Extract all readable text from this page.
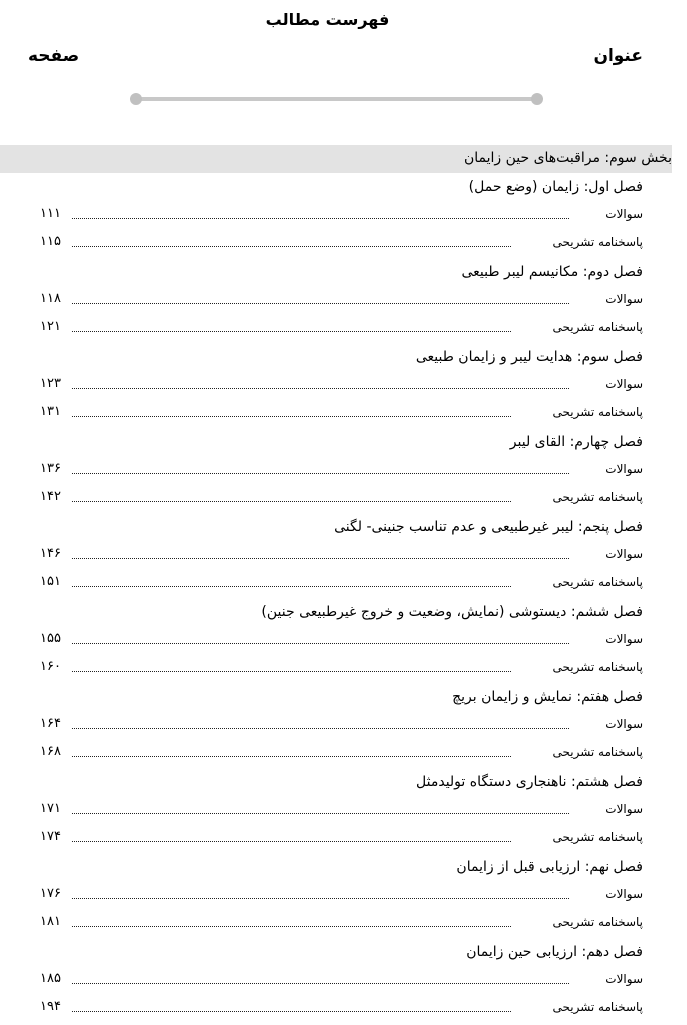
فهرست مطالب
عنوان
صفحه
بخش سوم: مراقبت‌های حین زایمان
فصل اول: زایمان (وضع حمل)
سوالات
۱۱۱
پاسخنامه تشریحی
۱۱۵
فصل دوم: مکانیسم لیبر طبیعی
سوالات
۱۱۸
پاسخنامه تشریحی
۱۲۱
فصل سوم: هدایت لیبر و زایمان طبیعی
سوالات
۱۲۳
پاسخنامه تشریحی
۱۳۱
فصل چهارم: القای لیبر
سوالات
۱۳۶
پاسخنامه تشریحی
۱۴۲
فصل پنجم: لیبر غیرطبیعی و عدم تناسب جنینی- لگنی
سوالات
۱۴۶
پاسخنامه تشریحی
۱۵۱
فصل ششم: دیستوشی (نمایش، وضعیت و خروج غیرطبیعی جنین)
سوالات
۱۵۵
پاسخنامه تشریحی
۱۶۰
فصل هفتم: نمایش و زایمان بریچ
سوالات
۱۶۴
پاسخنامه تشریحی
۱۶۸
فصل هشتم: ناهنجاری دستگاه تولیدمثل
سوالات
۱۷۱
پاسخنامه تشریحی
۱۷۴
فصل نهم: ارزیابی قبل از زایمان
سوالات
۱۷۶
پاسخنامه تشریحی
۱۸۱
فصل دهم: ارزیابی حین زایمان
سوالات
۱۸۵
پاسخنامه تشریحی
۱۹۴
